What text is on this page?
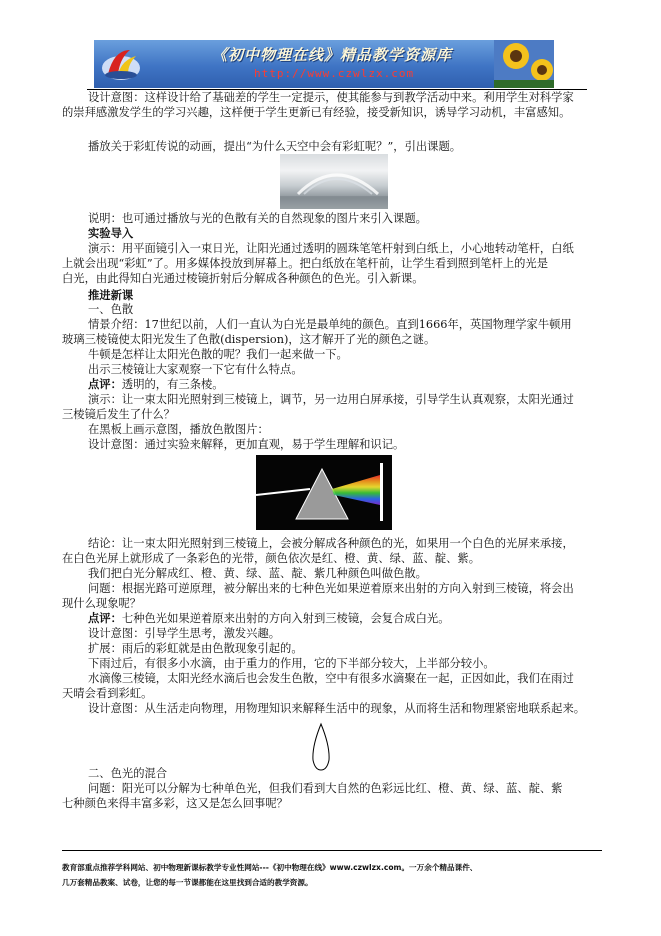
《初中物理在线》精品教学资源库
http://www.czwlzx.com
设计意图：这样设计给了基础差的学生一定提示，使其能参与到教学活动中来。利用学生对科学家
的崇拜感激发学生的学习兴趣，这样便于学生更新已有经验，接受新知识，诱导学习动机，丰富感知。
播放关于彩虹传说的动画，提出“为什么天空中会有彩虹呢？”，引出课题。
说明：也可通过播放与光的色散有关的自然现象的图片来引入课题。
实验导入
演示：用平面镜引入一束日光，让阳光通过透明的圆珠笔笔杆射到白纸上，小心地转动笔杆，白纸
上就会出现“彩虹”了。用多媒体投放到屏幕上。把白纸放在笔杆前，让学生看到照到笔杆上的光是
白光，由此得知白光通过棱镜折射后分解成各种颜色的色光。引入新课。
推进新课
一、色散
情景介绍：17世纪以前，人们一直认为白光是最单纯的颜色。直到1666年，英国物理学家牛顿用
玻璃三棱镜使太阳光发生了色散(dispersion)，这才解开了光的颜色之谜。
牛顿是怎样让太阳光色散的呢？我们一起来做一下。
出示三棱镜让大家观察一下它有什么特点。
点评：透明的，有三条棱。
演示：让一束太阳光照射到三棱镜上，调节，另一边用白屏承接，引导学生认真观察，太阳光通过
三棱镜后发生了什么？
在黑板上画示意图，播放色散图片：
设计意图：通过实验来解释，更加直观，易于学生理解和识记。
结论：让一束太阳光照射到三棱镜上，会被分解成各种颜色的光，如果用一个白色的光屏来承接，
在白色光屏上就形成了一条彩色的光带，颜色依次是红、橙、黄、绿、蓝、靛、紫。
我们把白光分解成红、橙、黄、绿、蓝、靛、紫几种颜色叫做色散。
问题：根据光路可逆原理，被分解出来的七种色光如果逆着原来出射的方向入射到三棱镜，将会出
现什么现象呢？
点评：七种色光如果逆着原来出射的方向入射到三棱镜，会复合成白光。
设计意图：引导学生思考，激发兴趣。
扩展：雨后的彩虹就是由色散现象引起的。
下雨过后，有很多小水滴，由于重力的作用，它的下半部分较大，上半部分较小。
水滴像三棱镜，太阳光经水滴后也会发生色散，空中有很多水滴聚在一起，正因如此，我们在雨过
天晴会看到彩虹。
设计意图：从生活走向物理，用物理知识来解释生活中的现象，从而将生活和物理紧密地联系起来。
二、色光的混合
问题：阳光可以分解为七种单色光，但我们看到大自然的色彩远比红、橙、黄、绿、蓝、靛、紫
七种颜色来得丰富多彩，这又是怎么回事呢？
教育部重点推荐学科网站、初中物理新课标教学专业性网站---《初中物理在线》www.czwlzx.com。一万余个精品课件、
几万套精品教案、试卷，让您的每一节课都能在这里找到合适的教学资源。
